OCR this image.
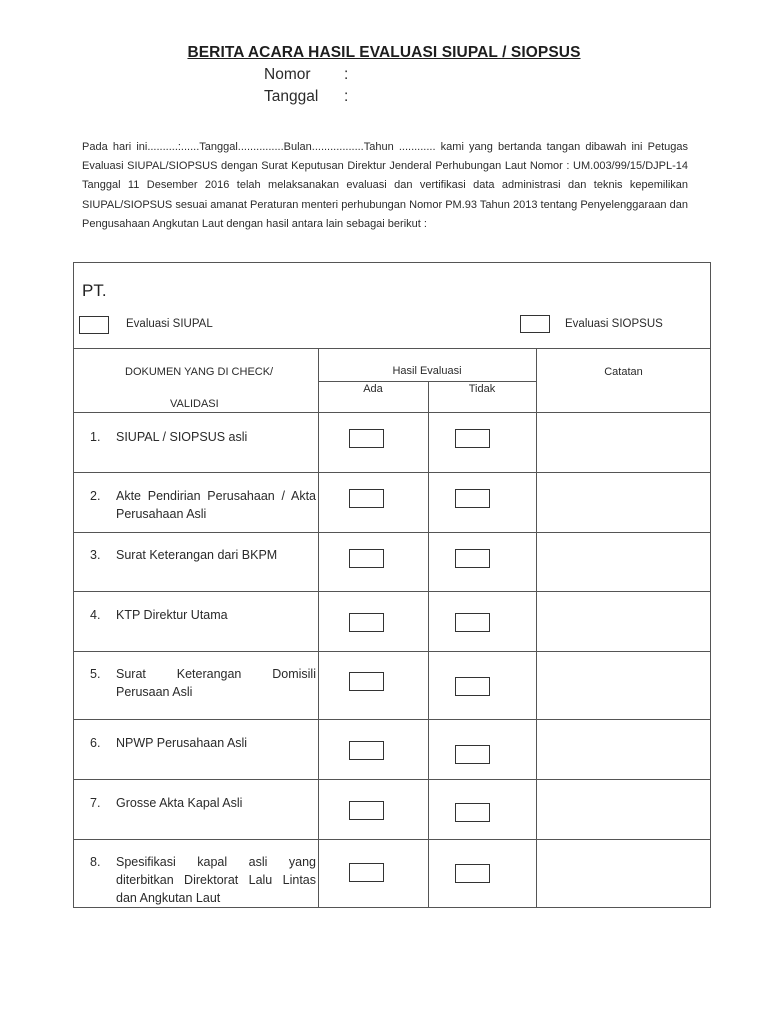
BERITA ACARA HASIL EVALUASI SIUPAL / SIOPSUS
Nomor :
Tanggal :
Pada hari ini..........:......Tanggal...............Bulan.................Tahun ............ kami yang bertanda tangan dibawah ini Petugas Evaluasi SIUPAL/SIOPSUS dengan Surat Keputusan Direktur Jenderal Perhubungan Laut Nomor : UM.003/99/15/DJPL-14 Tanggal 11 Desember 2016 telah melaksanakan evaluasi dan vertifikasi data administrasi dan teknis kepemilikan SIUPAL/SIOPSUS sesuai amanat Peraturan menteri perhubungan Nomor PM.93 Tahun 2013 tentang Penyelenggaraan dan Pengusahaan Angkutan Laut dengan hasil antara lain sebagai berikut :
PT.
Evaluasi SIUPAL	Evaluasi SIOPSUS
DOKUMEN YANG DI CHECK/
VALIDASI
Hasil Evaluasi
Ada	Tidak
Catatan
1.	SIUPAL / SIOPSUS asli
2.	Akte Pendirian Perusahaan / Akta Perusahaan Asli
3.	Surat Keterangan dari BKPM
4.	KTP Direktur Utama
5.	Surat Keterangan Domisili Perusaan Asli
6.	NPWP Perusahaan Asli
7.	Grosse Akta Kapal Asli
8.	Spesifikasi kapal asli yang diterbitkan Direktorat Lalu Lintas dan Angkutan Laut
